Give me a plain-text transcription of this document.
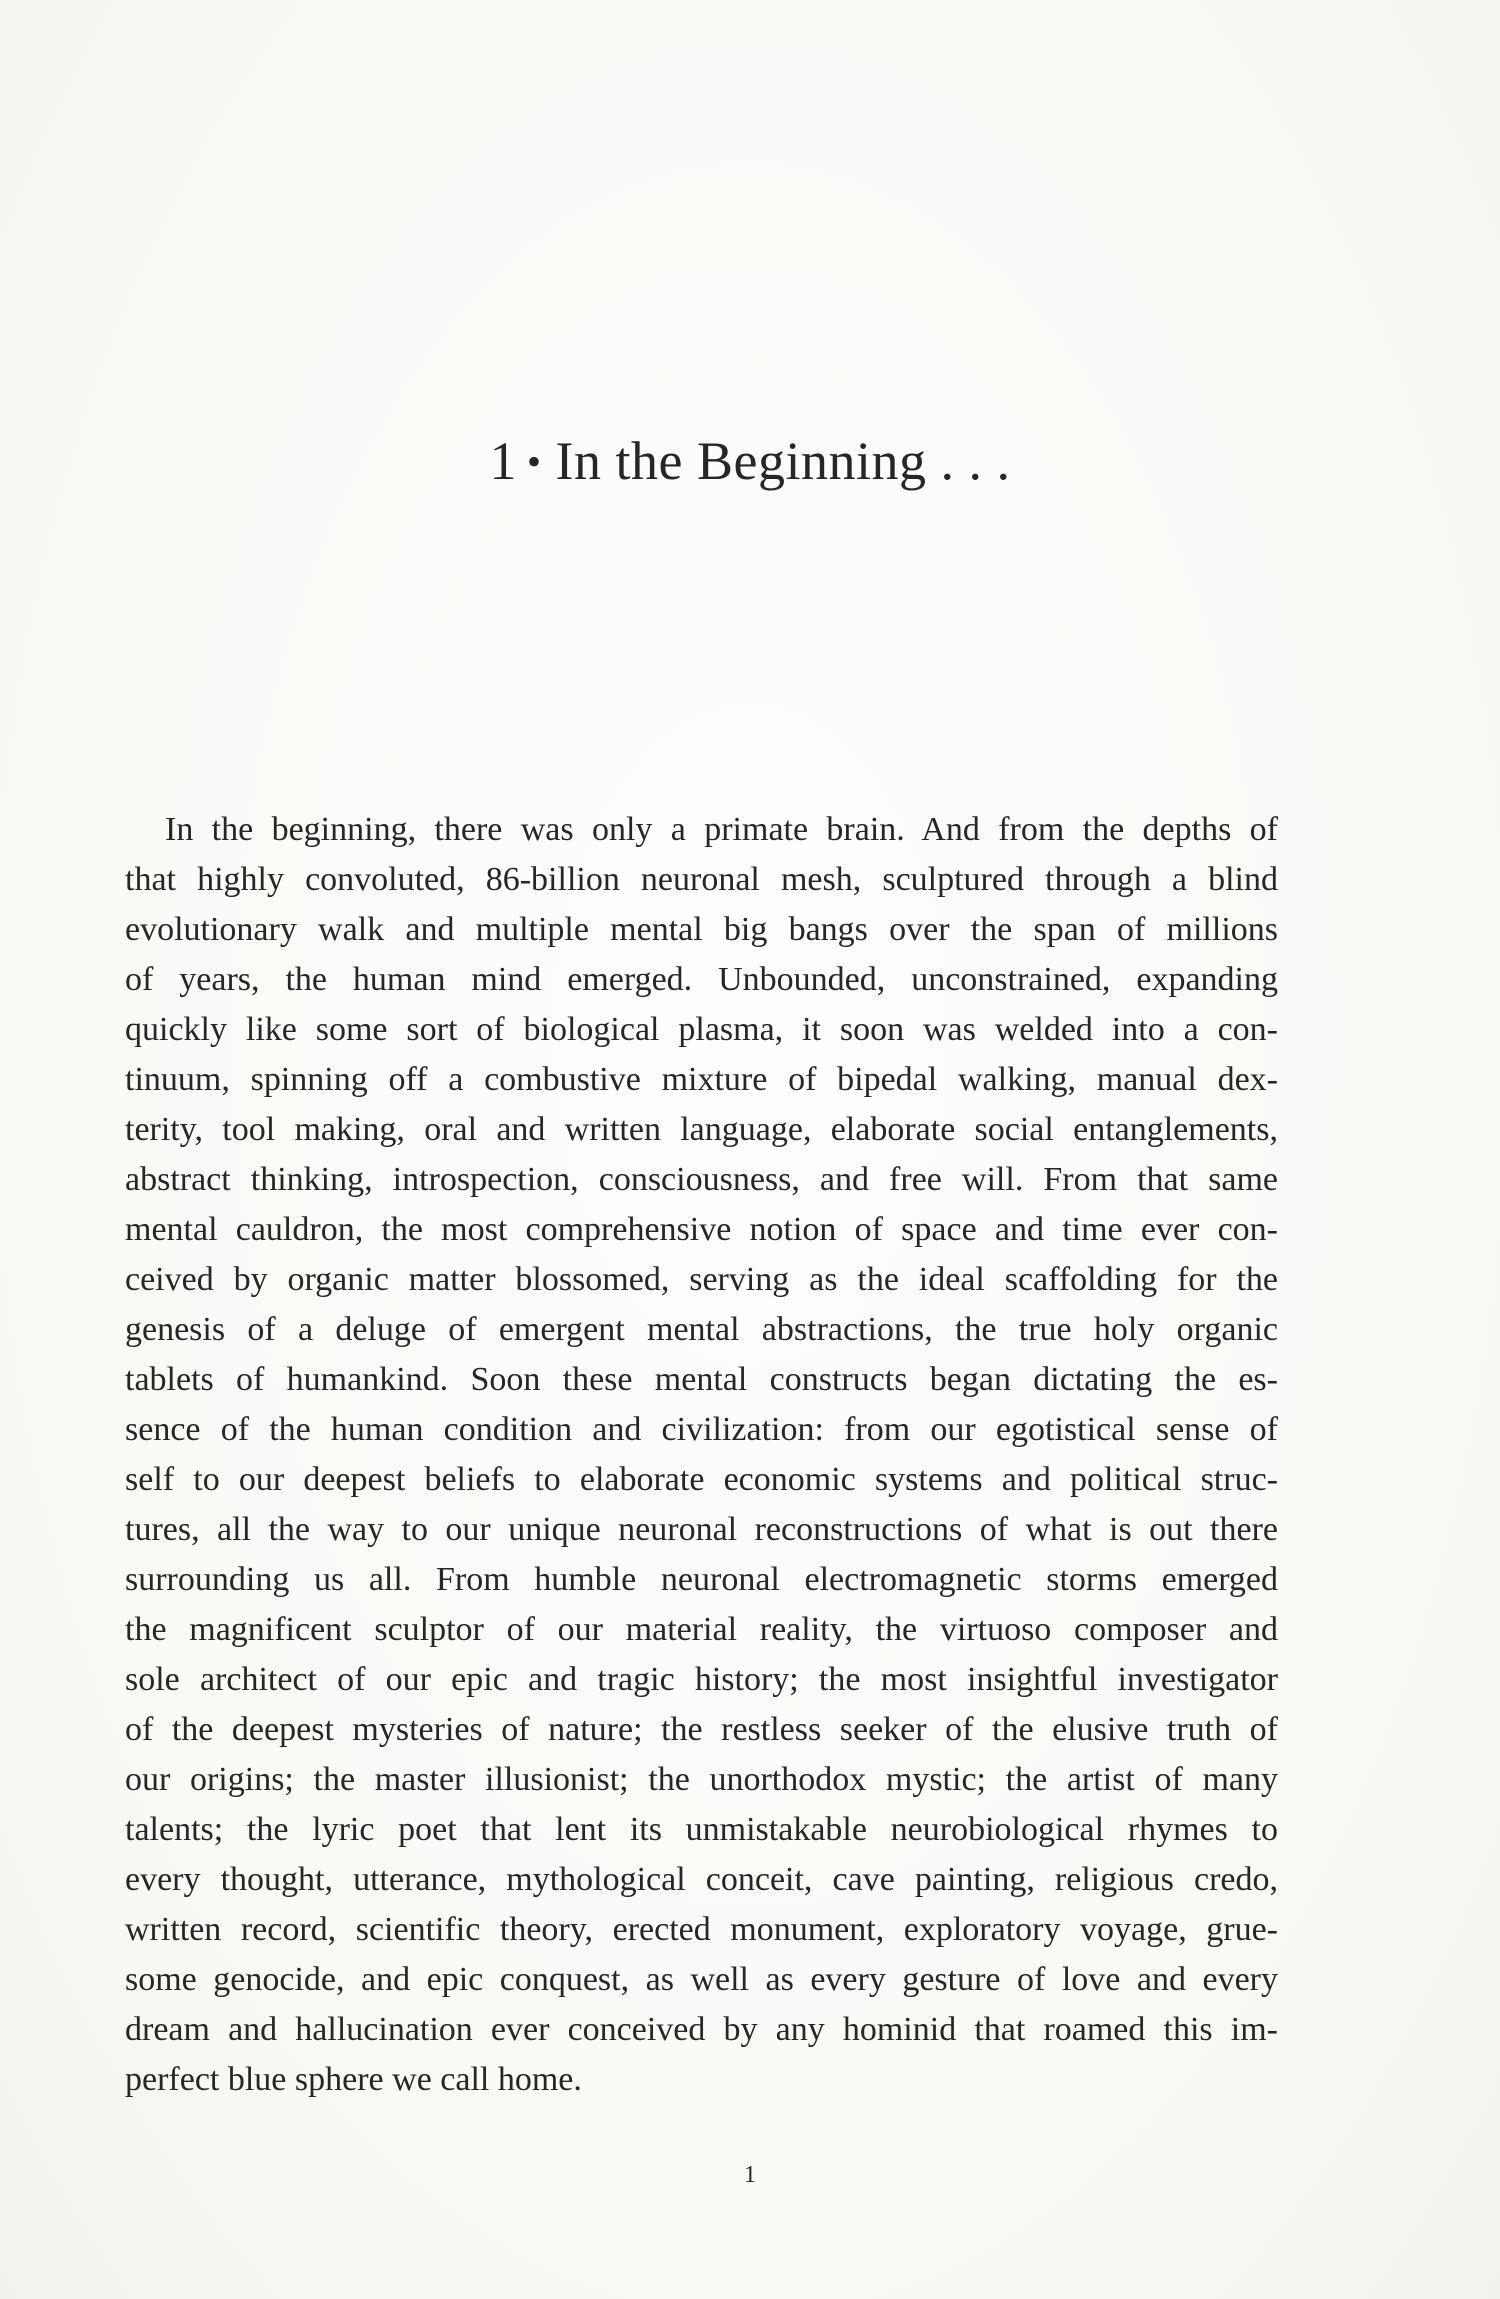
1 • In the Beginning . . .
In the beginning, there was only a primate brain. And from the depths of
that highly convoluted, 86-billion neuronal mesh, sculptured through a blind
evolutionary walk and multiple mental big bangs over the span of millions
of years, the human mind emerged. Unbounded, unconstrained, expanding
quickly like some sort of biological plasma, it soon was welded into a con-
tinuum, spinning off a combustive mixture of bipedal walking, manual dex-
terity, tool making, oral and written language, elaborate social entanglements,
abstract thinking, introspection, consciousness, and free will. From that same
mental cauldron, the most comprehensive notion of space and time ever con-
ceived by organic matter blossomed, serving as the ideal scaffolding for the
genesis of a deluge of emergent mental abstractions, the true holy organic
tablets of humankind. Soon these mental constructs began dictating the es-
sence of the human condition and civilization: from our egotistical sense of
self to our deepest beliefs to elaborate economic systems and political struc-
tures, all the way to our unique neuronal reconstructions of what is out there
surrounding us all. From humble neuronal electromagnetic storms emerged
the magnificent sculptor of our material reality, the virtuoso composer and
sole architect of our epic and tragic history; the most insightful investigator
of the deepest mysteries of nature; the restless seeker of the elusive truth of
our origins; the master illusionist; the unorthodox mystic; the artist of many
talents; the lyric poet that lent its unmistakable neurobiological rhymes to
every thought, utterance, mythological conceit, cave painting, religious credo,
written record, scientific theory, erected monument, exploratory voyage, grue-
some genocide, and epic conquest, as well as every gesture of love and every
dream and hallucination ever conceived by any hominid that roamed this im-
perfect blue sphere we call home.
1
